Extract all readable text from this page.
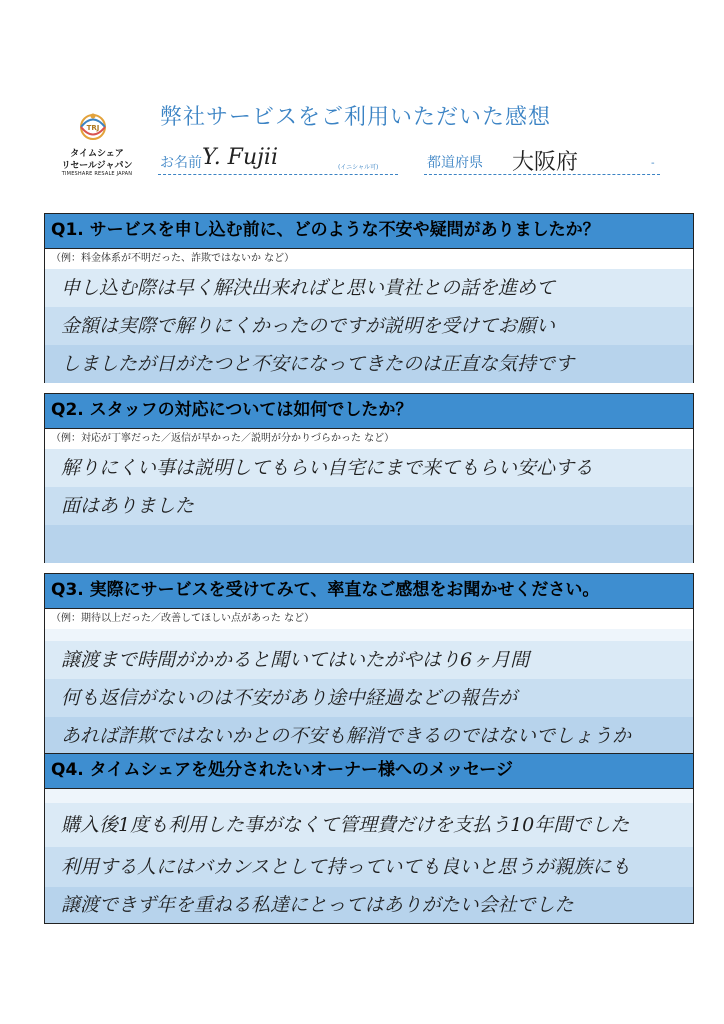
TRJ
タイムシェア
リセールジャパン
TIMESHARE RESALE JAPAN
弊社サービスをご利用いただいた感想
お名前 Y. Fujii	(イニシャル可)	都道府県 大阪府	-
Q1. サービスを申し込む前に、どのような不安や疑問がありましたか？
（例：料金体系が不明だった、詐欺ではないか など）
申し込む際は早く解決出来ればと思い貴社との話を進めて
金額は実際で解りにくかったのですが説明を受けてお願い
しましたが日がたつと不安になってきたのは正直な気持です
Q2. スタッフの対応については如何でしたか？
（例：対応が丁寧だった／返信が早かった／説明が分かりづらかった など）
解りにくい事は説明してもらい自宅にまで来てもらい安心する
面はありました
Q3. 実際にサービスを受けてみて、率直なご感想をお聞かせください。
（例：期待以上だった／改善してほしい点があった など）
譲渡まで時間がかかると聞いてはいたがやはり6ヶ月間
何も返信がないのは不安があり途中経過などの報告が
あれば詐欺ではないかとの不安も解消できるのではないでしょうか
Q4. タイムシェアを処分されたいオーナー様へのメッセージ
購入後1度も利用した事がなくて管理費だけを支払う10年間でした
利用する人にはバカンスとして持っていても良いと思うが親族にも
譲渡できず年を重ねる私達にとってはありがたい会社でした
